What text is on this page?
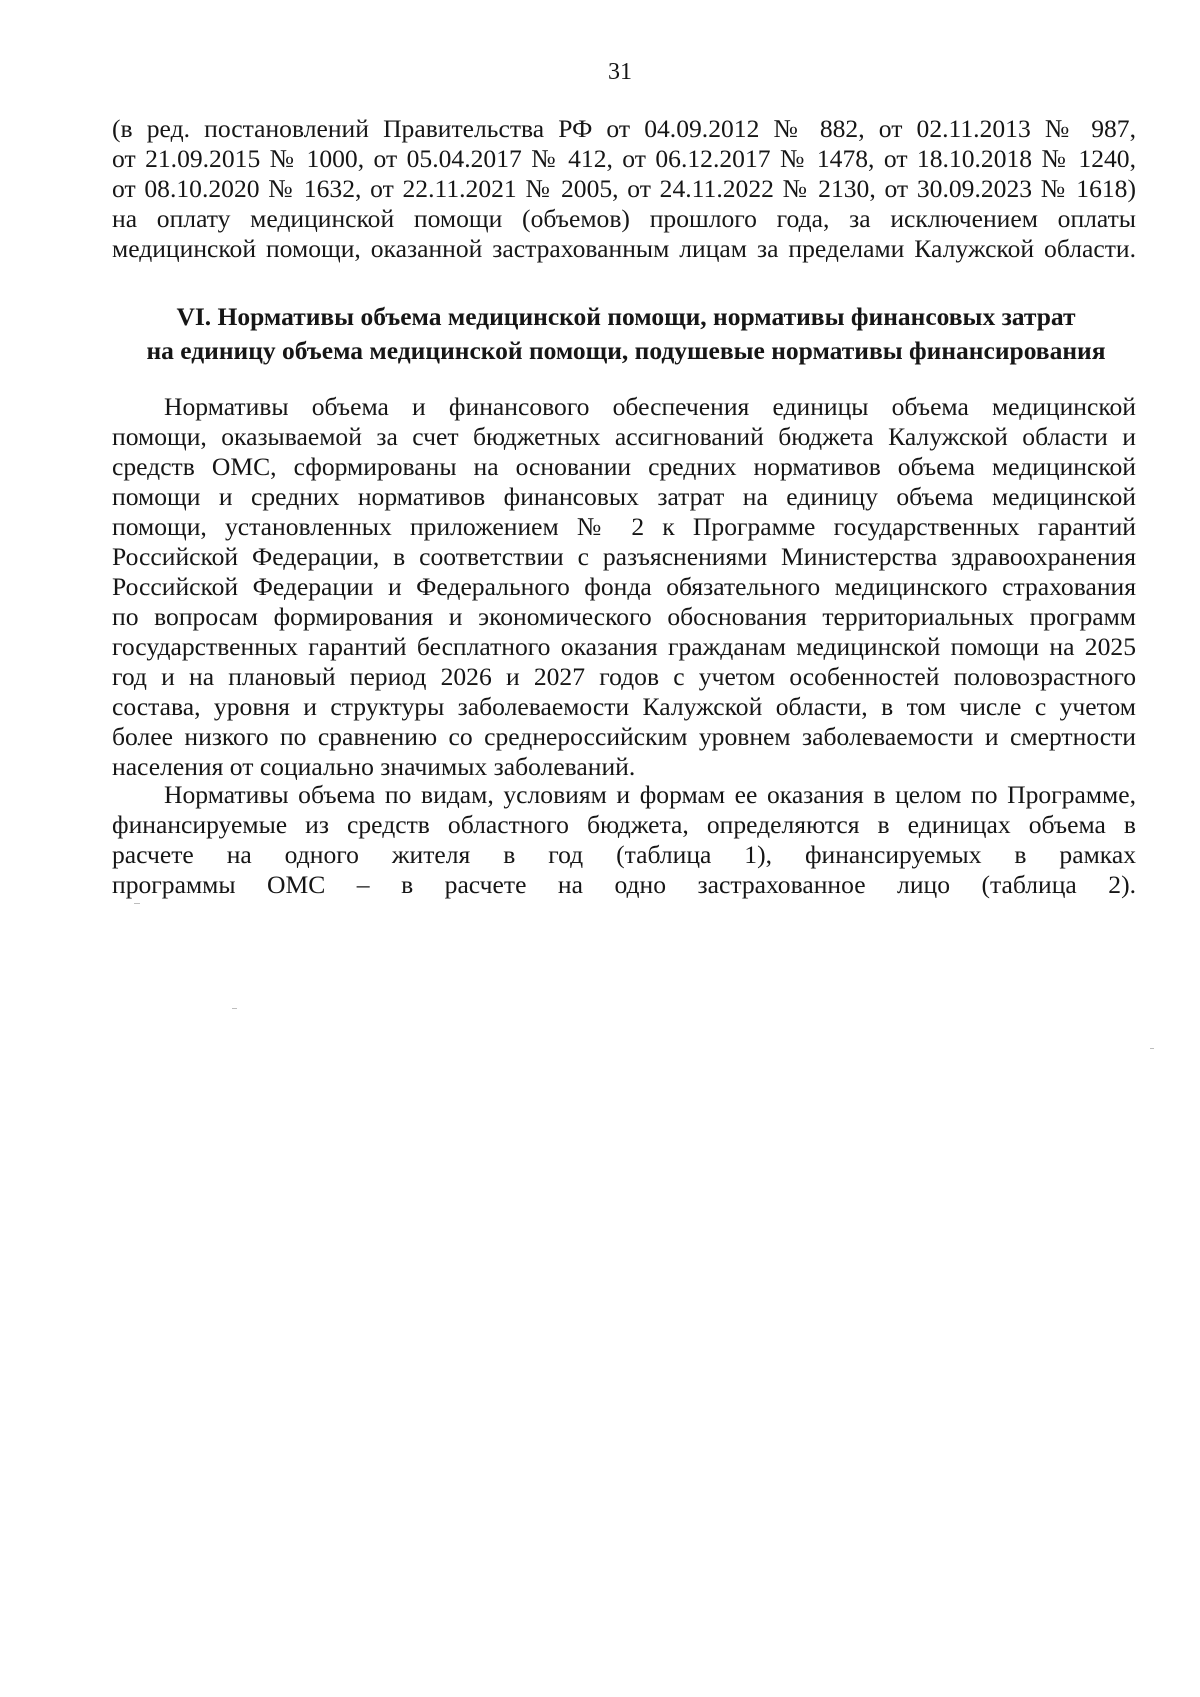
31
(в ред. постановлений Правительства РФ от 04.09.2012 № 882, от 02.11.2013 № 987,
от 21.09.2015 № 1000, от 05.04.2017 № 412, от 06.12.2017 № 1478, от 18.10.2018 № 1240,
от 08.10.2020 № 1632, от 22.11.2021 № 2005, от 24.11.2022 № 2130, от 30.09.2023 № 1618)
на оплату медицинской помощи (объемов) прошлого года, за исключением оплаты
медицинской помощи, оказанной застрахованным лицам за пределами Калужской области.
VI. Нормативы объема медицинской помощи, нормативы финансовых затрат
на единицу объема медицинской помощи, подушевые нормативы финансирования
Нормативы объема и финансового обеспечения единицы объема медицинской
помощи, оказываемой за счет бюджетных ассигнований бюджета Калужской области и
средств ОМС, сформированы на основании средних нормативов объема медицинской
помощи и средних нормативов финансовых затрат на единицу объема медицинской
помощи, установленных приложением № 2 к Программе государственных гарантий
Российской Федерации, в соответствии с разъяснениями Министерства здравоохранения
Российской Федерации и Федерального фонда обязательного медицинского страхования
по вопросам формирования и экономического обоснования территориальных программ
государственных гарантий бесплатного оказания гражданам медицинской помощи на 2025
год и на плановый период 2026 и 2027 годов с учетом особенностей половозрастного
состава, уровня и структуры заболеваемости Калужской области, в том числе с учетом
более низкого по сравнению со среднероссийским уровнем заболеваемости и смертности
населения от социально значимых заболеваний.
Нормативы объема по видам, условиям и формам ее оказания в целом по Программе,
финансируемые из средств областного бюджета, определяются в единицах объема в
расчете на одного жителя в год (таблица 1), финансируемых в рамках
программы ОМС – в расчете на одно застрахованное лицо (таблица 2).
